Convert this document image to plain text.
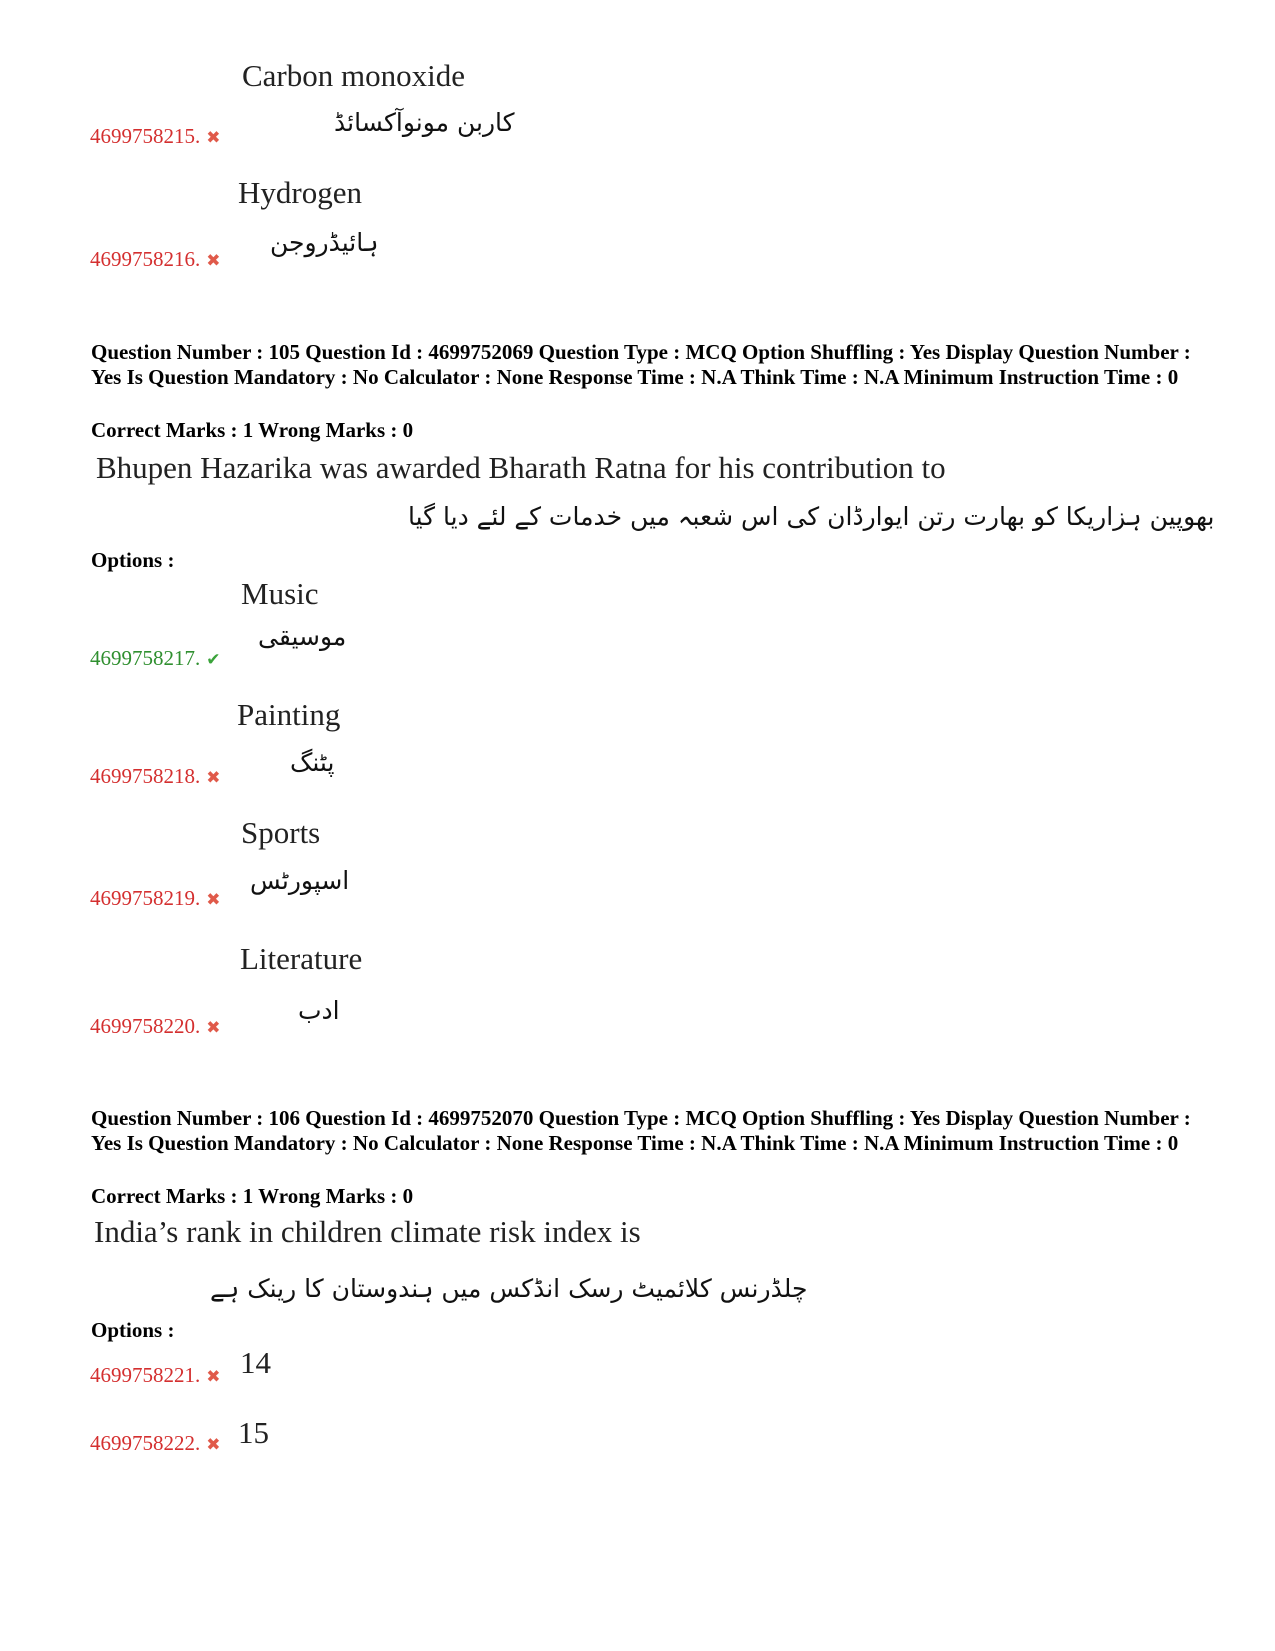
Carbon monoxide
کاربن مونوآکسائڈ
4699758215. ✖
Hydrogen
ہائیڈروجن
4699758216. ✖
Question Number : 105 Question Id : 4699752069 Question Type : MCQ Option Shuffling : Yes Display Question Number : Yes Is Question Mandatory : No Calculator : None Response Time : N.A Think Time : N.A Minimum Instruction Time : 0
Correct Marks : 1 Wrong Marks : 0
Bhupen Hazarika was awarded Bharath Ratna for his contribution to
بھوپین ہزاریکا کو بھارت رتن ایوارڈان کی اس شعبہ میں خدمات کے لئے دیا گیا
Options :
Music
موسیقی
4699758217. ✔
Painting
پٹنگ
4699758218. ✖
Sports
اسپورٹس
4699758219. ✖
Literature
ادب
4699758220. ✖
Question Number : 106 Question Id : 4699752070 Question Type : MCQ Option Shuffling : Yes Display Question Number : Yes Is Question Mandatory : No Calculator : None Response Time : N.A Think Time : N.A Minimum Instruction Time : 0
Correct Marks : 1 Wrong Marks : 0
India’s rank in children climate risk index is
چلڈرنس کلائمیٹ رسک انڈکس میں ہندوستان کا رینک ہے
Options :
4699758221. ✖ 14
4699758222. ✖ 15
